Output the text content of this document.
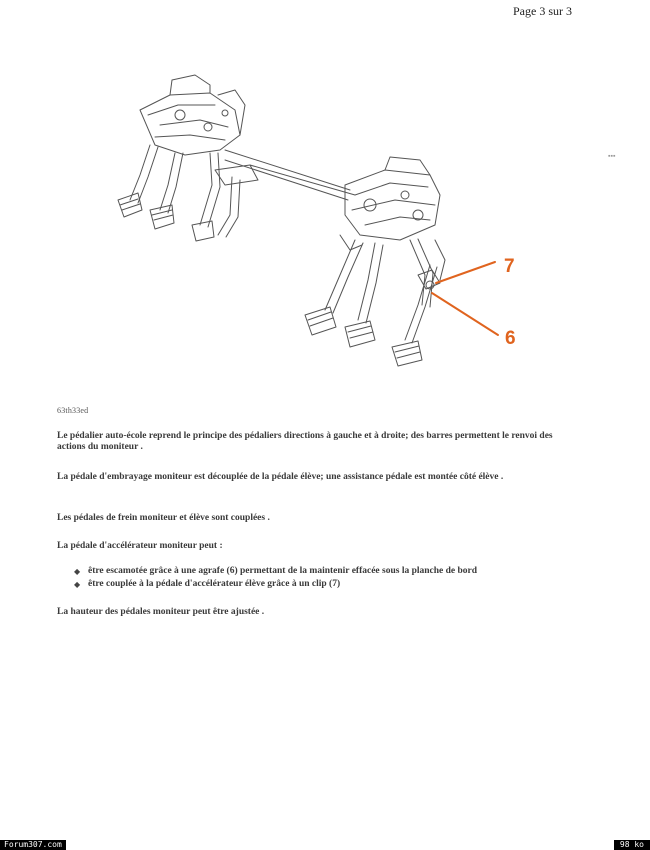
Page 3 sur 3
7
6
63th33ed
Le pédalier auto-école reprend le principe des pédaliers directions à gauche et à droite; des barres permettent le renvoi des actions du moniteur .
La pédale d'embrayage moniteur est découplée de la pédale élève; une assistance pédale est montée côté élève .
Les pédales de frein moniteur et élève sont couplées .
La pédale d'accélérateur moniteur peut :
◆ être escamotée grâce à une agrafe (6) permettant de la maintenir effacée sous la planche de bord
◆ être couplée à la pédale d'accélérateur élève grâce à un clip (7)
La hauteur des pédales moniteur peut être ajustée .
▪▪▪
Forum307.com	98 ko
